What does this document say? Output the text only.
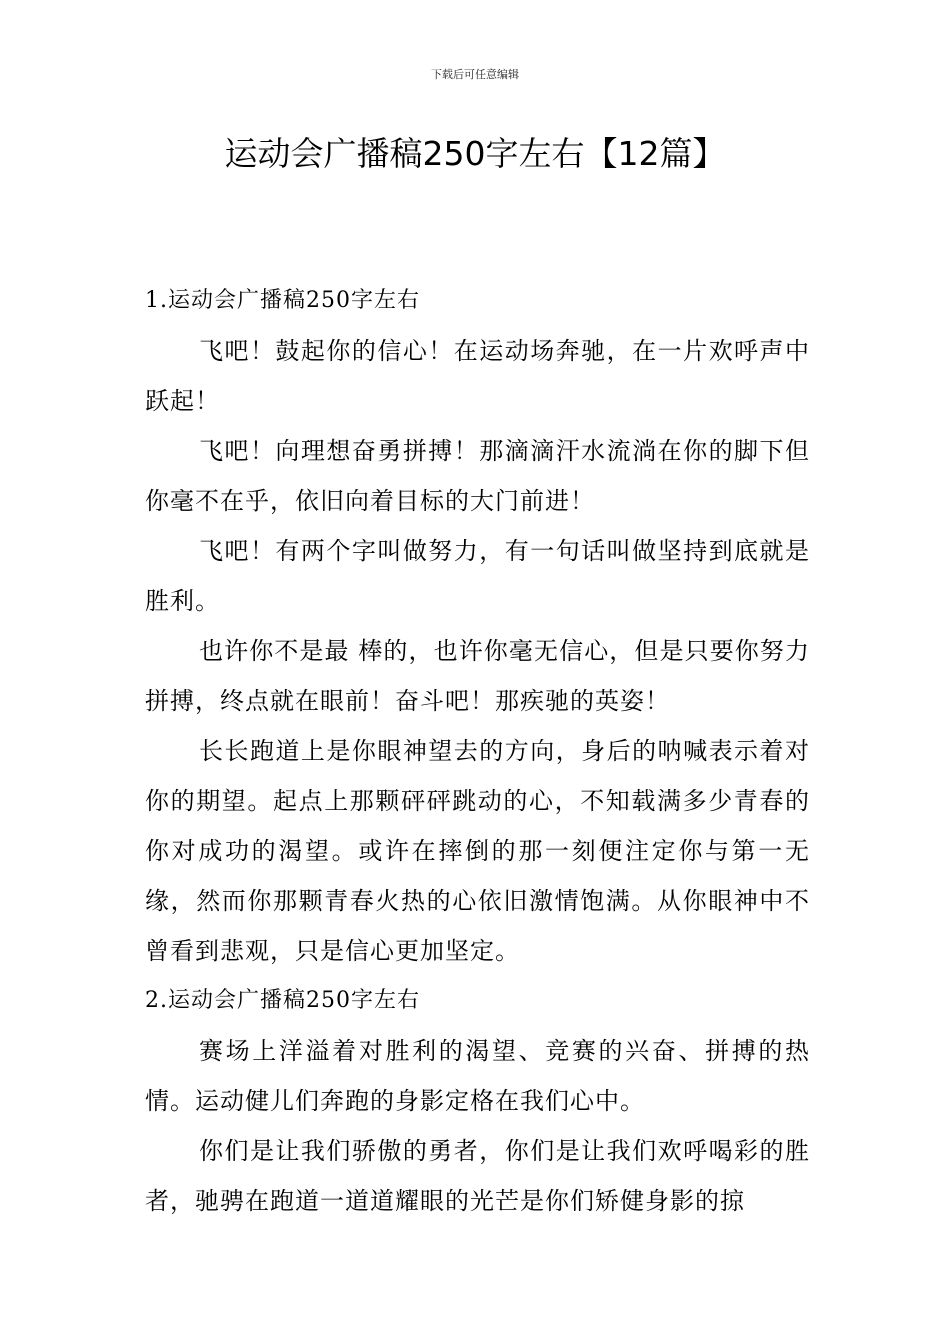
下载后可任意编辑
运动会广播稿250字左右【12篇】

1.运动会广播稿250字左右

飞吧！鼓起你的信心！在运动场奔驰，在一片欢呼声中跃起！

飞吧！向理想奋勇拼搏！那滴滴汗水流淌在你的脚下但你毫不在乎，依旧向着目标的大门前进！

飞吧！有两个字叫做努力，有一句话叫做坚持到底就是胜利。

也许你不是最 棒的，也许你毫无信心，但是只要你努力拼搏，终点就在眼前！奋斗吧！那疾驰的英姿！

长长跑道上是你眼神望去的方向，身后的呐喊表示着对你的期望。起点上那颗砰砰跳动的心，不知载满多少青春的你对成功的渴望。或许在摔倒的那一刻便注定你与第一无缘，然而你那颗青春火热的心依旧激情饱满。从你眼神中不曾看到悲观，只是信心更加坚定。

2.运动会广播稿250字左右

赛场上洋溢着对胜利的渴望、竞赛的兴奋、拼搏的热情。运动健儿们奔跑的身影定格在我们心中。

你们是让我们骄傲的勇者，你们是让我们欢呼喝彩的胜者，驰骋在跑道一道道耀眼的光芒是你们矫健身影的掠
